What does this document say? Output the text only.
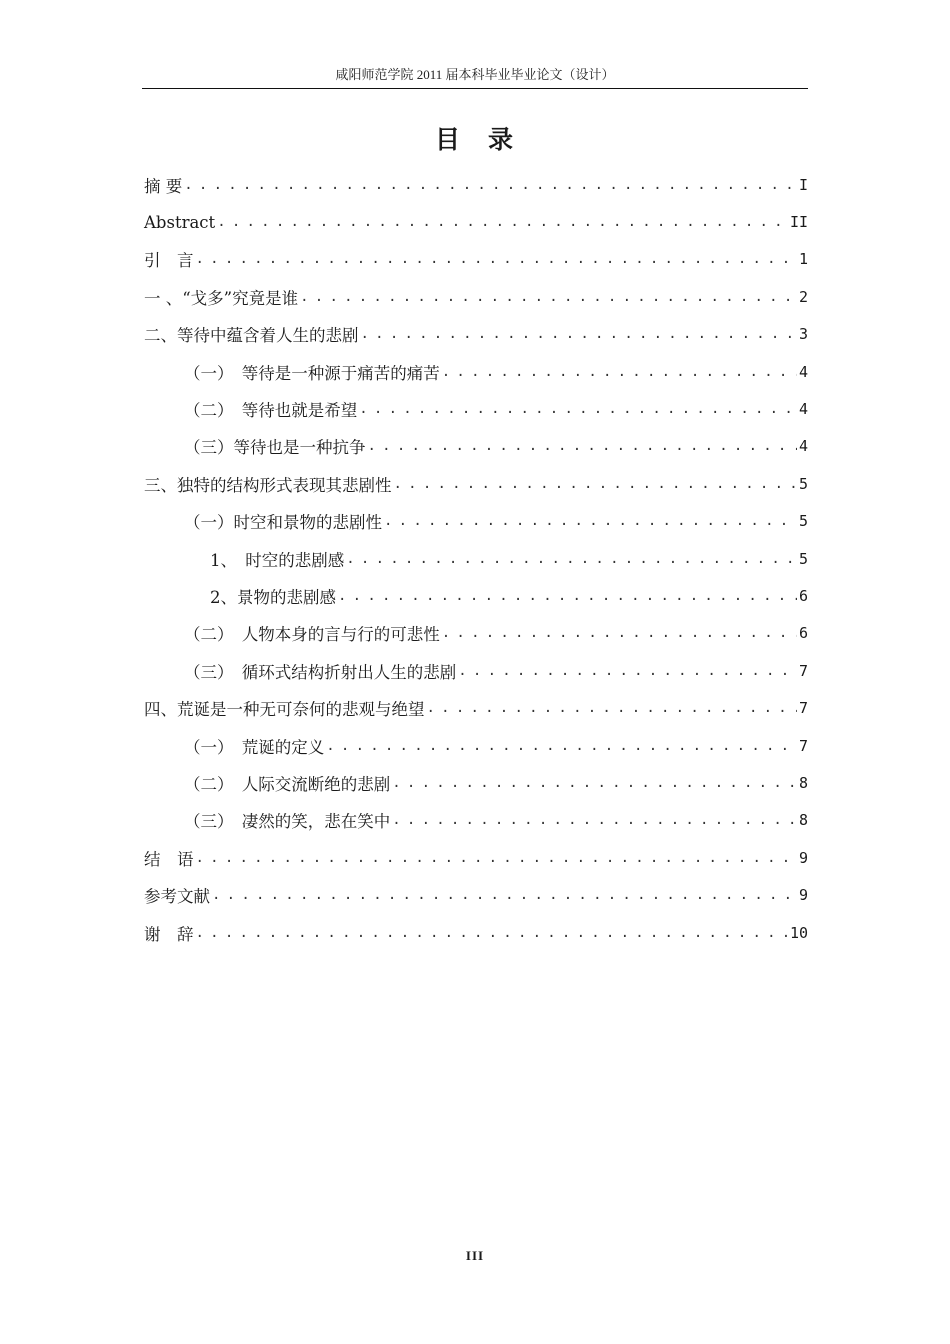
咸阳师范学院 2011 届本科毕业毕业论文（设计）
目 录
摘 要 . . .	I
Abstract . . .	II
引　言 . . .	1
一 、“戈多”究竟是谁 . . .	2
二、等待中蕴含着人生的悲剧 . . .	3
（一）　等待是一种源于痛苦的痛苦 . . .	4
（二）　等待也就是希望 . . .	4
（三）等待也是一种抗争 . . .	4
三、独特的结构形式表现其悲剧性 . . .	5
（一）时空和景物的悲剧性 . . .	5
1、　时空的悲剧感 . . .	5
2、景物的悲剧感 . . .	6
（二）　人物本身的言与行的可悲性 . . .	6
（三）　循环式结构折射出人生的悲剧 . . .	7
四、荒诞是一种无可奈何的悲观与绝望 . . .	7
（一）　荒诞的定义 . . .	7
（二）　人际交流断绝的悲剧 . . .	8
（三）　凄然的笑，悲在笑中 . . .	8
结　语 . . .	9
参考文献 . . .	9
谢　辞 . . .	10
III
